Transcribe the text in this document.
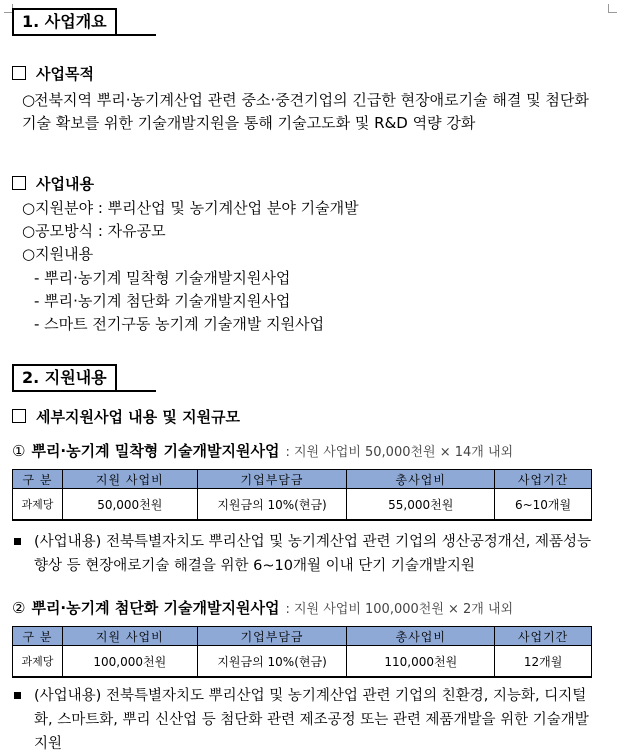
1. 사업개요
사업목적
○전북지역 뿌리·농기계산업 관련 중소·중견기업의 긴급한 현장애로기술 해결 및 첨단화 기술 확보를 위한 기술개발지원을 통해 기술고도화 및 R&D 역량 강화
사업내용
○지원분야 : 뿌리산업 및 농기계산업 분야 기술개발
○공모방식 : 자유공모
○지원내용
- 뿌리·농기계 밀착형 기술개발지원사업
- 뿌리·농기계 첨단화 기술개발지원사업
- 스마트 전기구동 농기계 기술개발 지원사업
2. 지원내용
세부지원사업 내용 및 지원규모
① 뿌리·농기계 밀착형 기술개발지원사업 : 지원 사업비 50,000천원 × 14개 내외
구 분	지원 사업비	기업부담금	총사업비	사업기간
과제당	50,000천원	지원금의 10%(현금)	55,000천원	6~10개월
(사업내용) 전북특별자치도 뿌리산업 및 농기계산업 관련 기업의 생산공정개선, 제품성능 향상 등 현장애로기술 해결을 위한 6~10개월 이내 단기 기술개발지원
② 뿌리·농기계 첨단화 기술개발지원사업 : 지원 사업비 100,000천원 × 2개 내외
구 분	지원 사업비	기업부담금	총사업비	사업기간
과제당	100,000천원	지원금의 10%(현금)	110,000천원	12개월
(사업내용) 전북특별자치도 뿌리산업 및 농기계산업 관련 기업의 친환경, 지능화, 디지털화, 스마트화, 뿌리 신산업 등 첨단화 관련 제조공정 또는 관련 제품개발을 위한 기술개발지원
